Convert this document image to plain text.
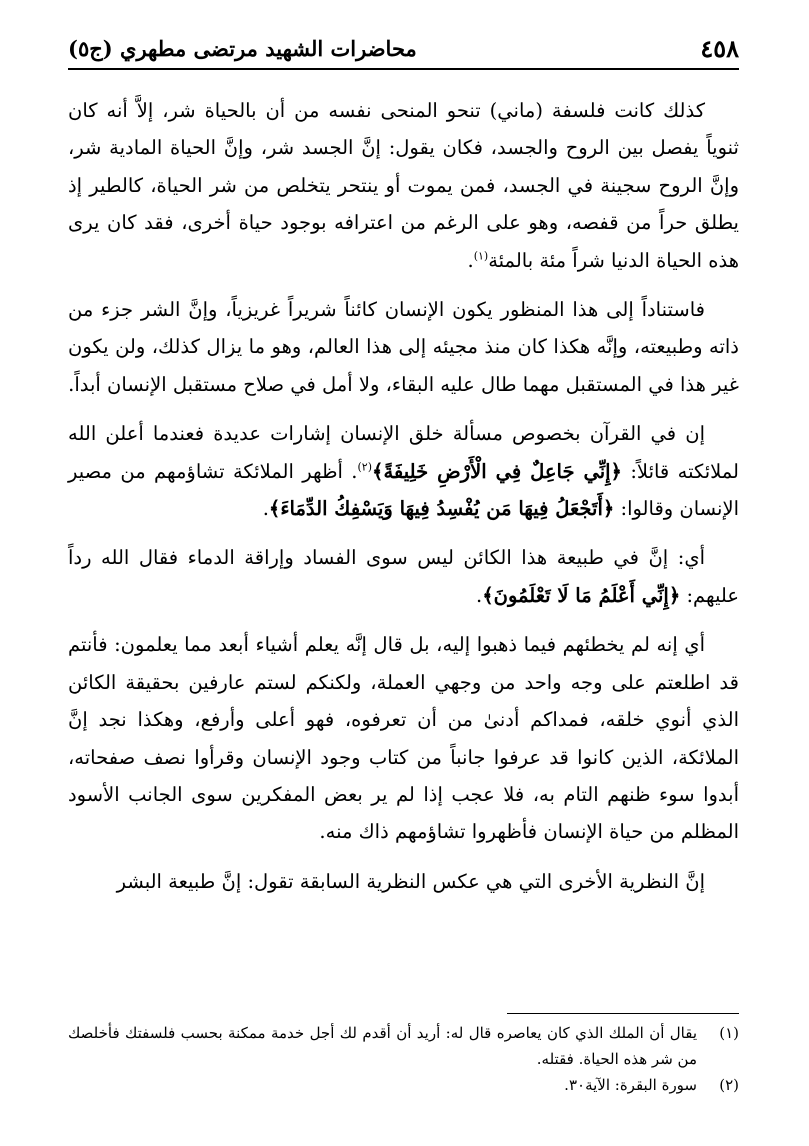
٤٥٨
محاضرات الشهيد مرتضى مطهري (ج٥)

كذلك كانت فلسفة (ماني) تنحو المنحى نفسه من أن بالحياة شر، إلاَّ أنه كان ثنوياً يفصل بين الروح والجسد، فكان يقول: إنَّ الجسد شر، وإنَّ الحياة المادية شر، وإنَّ الروح سجينة في الجسد، فمن يموت أو ينتحر يتخلص من شر الحياة، كالطير إذ يطلق حراً من قفصه، وهو على الرغم من اعترافه بوجود حياة أخرى، فقد كان يرى هذه الحياة الدنيا شراً مئة بالمئة$^{(١)}$.

فاستناداً إلى هذا المنظور يكون الإنسان كائناً شريراً غريزياً، وإنَّ الشر جزء من ذاته وطبيعته، وإنَّه هكذا كان منذ مجيئه إلى هذا العالم، وهو ما يزال كذلك، ولن يكون غير هذا في المستقبل مهما طال عليه البقاء، ولا أمل في صلاح مستقبل الإنسان أبداً.

إن في القرآن بخصوص مسألة خلق الإنسان إشارات عديدة فعندما أعلن الله لملائكته قائلاً: ﴿إِنِّي جَاعِلٌ فِي الْأَرْضِ خَلِيفَةً﴾$^{(٢)}$. أظهر الملائكة تشاؤمهم من مصير الإنسان وقالوا: ﴿أَتَجْعَلُ فِيهَا مَن يُفْسِدُ فِيهَا وَيَسْفِكُ الدِّمَاءَ﴾.

أي: إنَّ في طبيعة هذا الكائن ليس سوى الفساد وإراقة الدماء فقال الله رداً عليهم: ﴿إِنِّي أَعْلَمُ مَا لَا تَعْلَمُونَ﴾.

أي إنه لم يخطئهم فيما ذهبوا إليه، بل قال إنَّه يعلم أشياء أبعد مما يعلمون: فأنتم قد اطلعتم على وجه واحد من وجهي العملة، ولكنكم لستم عارفين بحقيقة الكائن الذي أنوي خلقه، فمداكم أدنىٰ من أن تعرفوه، فهو أعلى وأرفع، وهكذا نجد إنَّ الملائكة، الذين كانوا قد عرفوا جانباً من كتاب وجود الإنسان وقرأوا نصف صفحاته، أبدوا سوء ظنهم التام به، فلا عجب إذا لم ير بعض المفكرين سوى الجانب الأسود المظلم من حياة الإنسان فأظهروا تشاؤمهم ذاك منه.

إنَّ النظرية الأخرى التي هي عكس النظرية السابقة تقول: إنَّ طبيعة البشر

(١)
يقال أن الملك الذي كان يعاصره قال له: أريد أن أقدم لك أجل خدمة ممكنة بحسب فلسفتك فأخلصك من شر هذه الحياة. فقتله.
(٢)
سورة البقرة: الآية٣٠.
